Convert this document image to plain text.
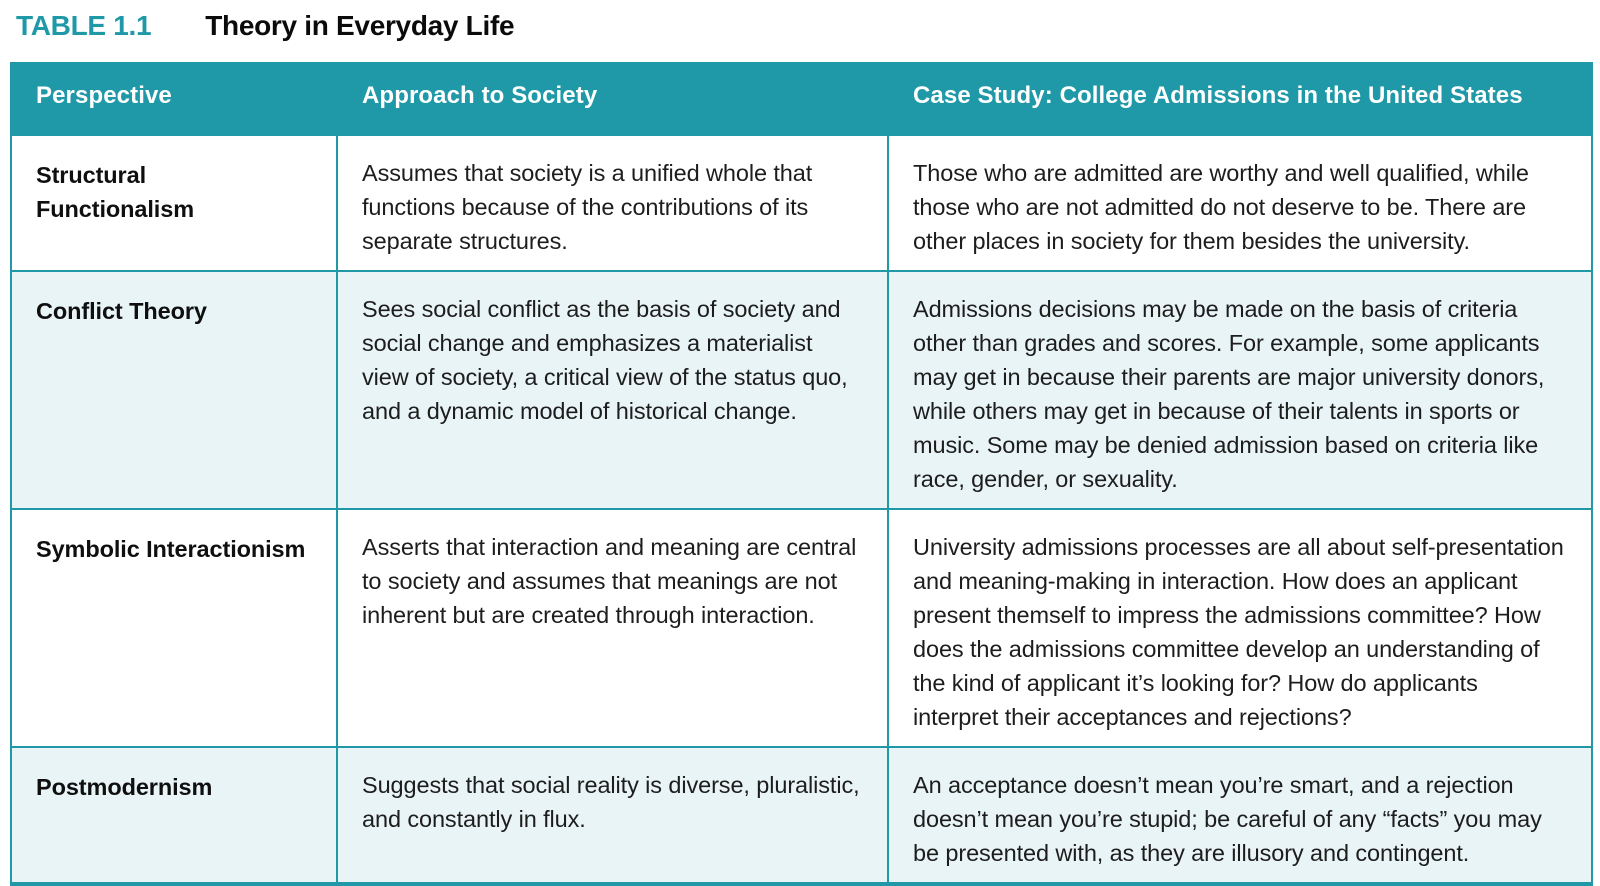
TABLE 1.1 Theory in Everyday Life
Perspective	Approach to Society	Case Study: College Admissions in the United States
Structural Functionalism	Assumes that society is a unified whole that functions because of the contributions of its separate structures.	Those who are admitted are worthy and well qualified, while those who are not admitted do not deserve to be. There are other places in society for them besides the university.
Conflict Theory	Sees social conflict as the basis of society and social change and emphasizes a materialist view of society, a critical view of the status quo, and a dynamic model of historical change.	Admissions decisions may be made on the basis of criteria other than grades and scores. For example, some applicants may get in because their parents are major university donors, while others may get in because of their talents in sports or music. Some may be denied admission based on criteria like race, gender, or sexuality.
Symbolic Interactionism	Asserts that interaction and meaning are central to society and assumes that meanings are not inherent but are created through interaction.	University admissions processes are all about self-presentation and meaning-making in interaction. How does an applicant present themself to impress the admissions committee? How does the admissions committee develop an understanding of the kind of applicant it’s looking for? How do applicants interpret their acceptances and rejections?
Postmodernism	Suggests that social reality is diverse, pluralistic, and constantly in flux.	An acceptance doesn’t mean you’re smart, and a rejection doesn’t mean you’re stupid; be careful of any “facts” you may be presented with, as they are illusory and contingent.
